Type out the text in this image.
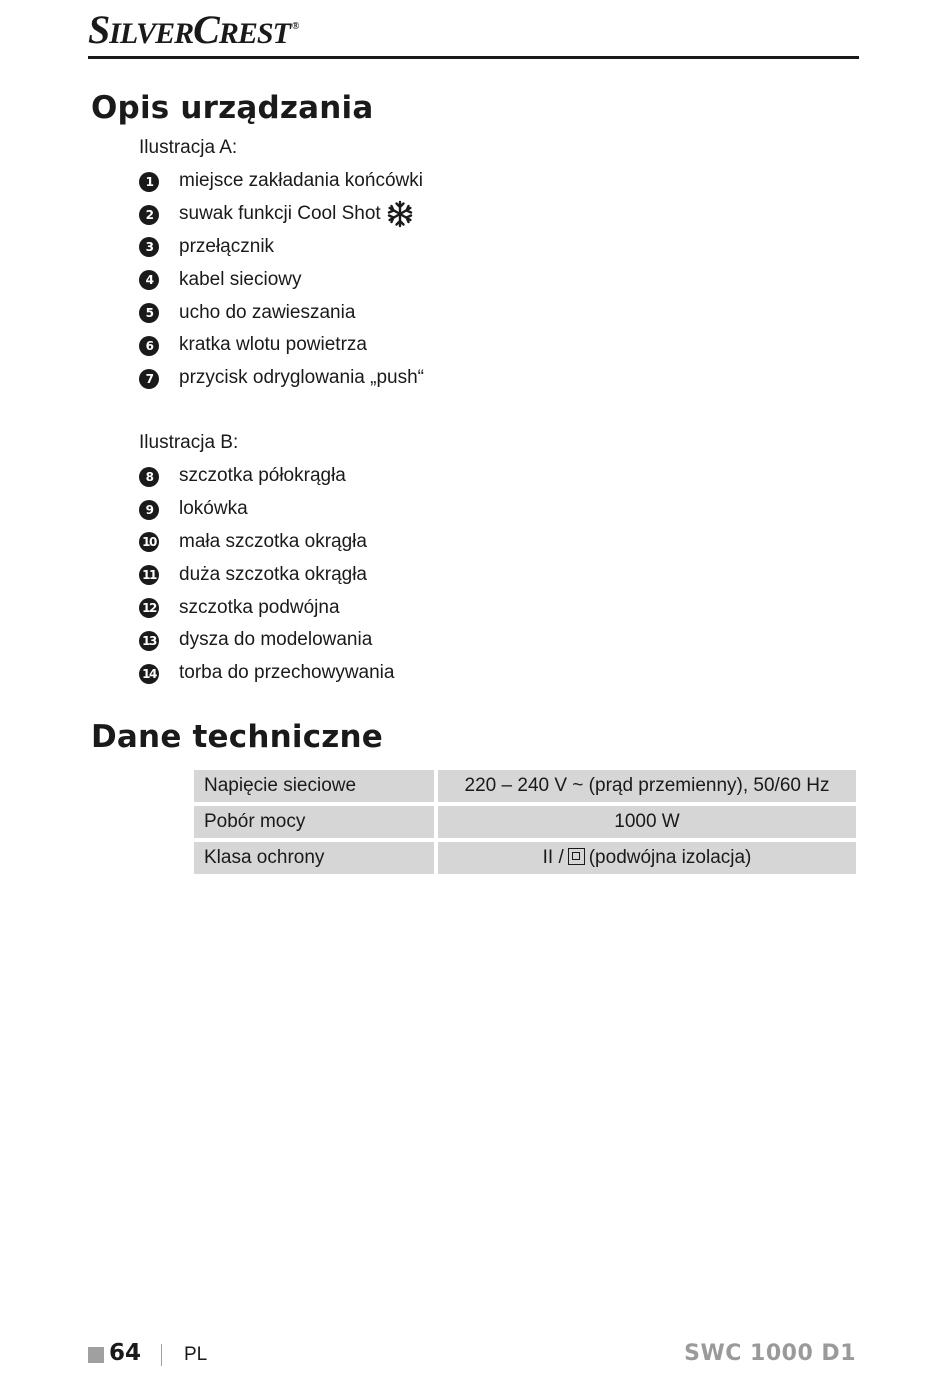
SILVERCREST ®
Opis urządzania
Ilustracja A:
1	miejsce zakładania końcówki
2	suwak funkcji Cool Shot
3	przełącznik
4	kabel sieciowy
5	ucho do zawieszania
6	kratka wlotu powietrza
7	przycisk odryglowania „push“
Ilustracja B:
8	szczotka półokrągła
9	lokówka
10 mała szczotka okrągła
11 duża szczotka okrągła
12 szczotka podwójna
13 dysza do modelowania
14 torba do przechowywania
Dane techniczne
Napięcie sieciowe	220 – 240 V ~ (prąd przemienny), 50/60 Hz
Pobór mocy	1000 W
Klasa ochrony	II / (podwójna izolacja)
64 PL	SWC 1000 D1
